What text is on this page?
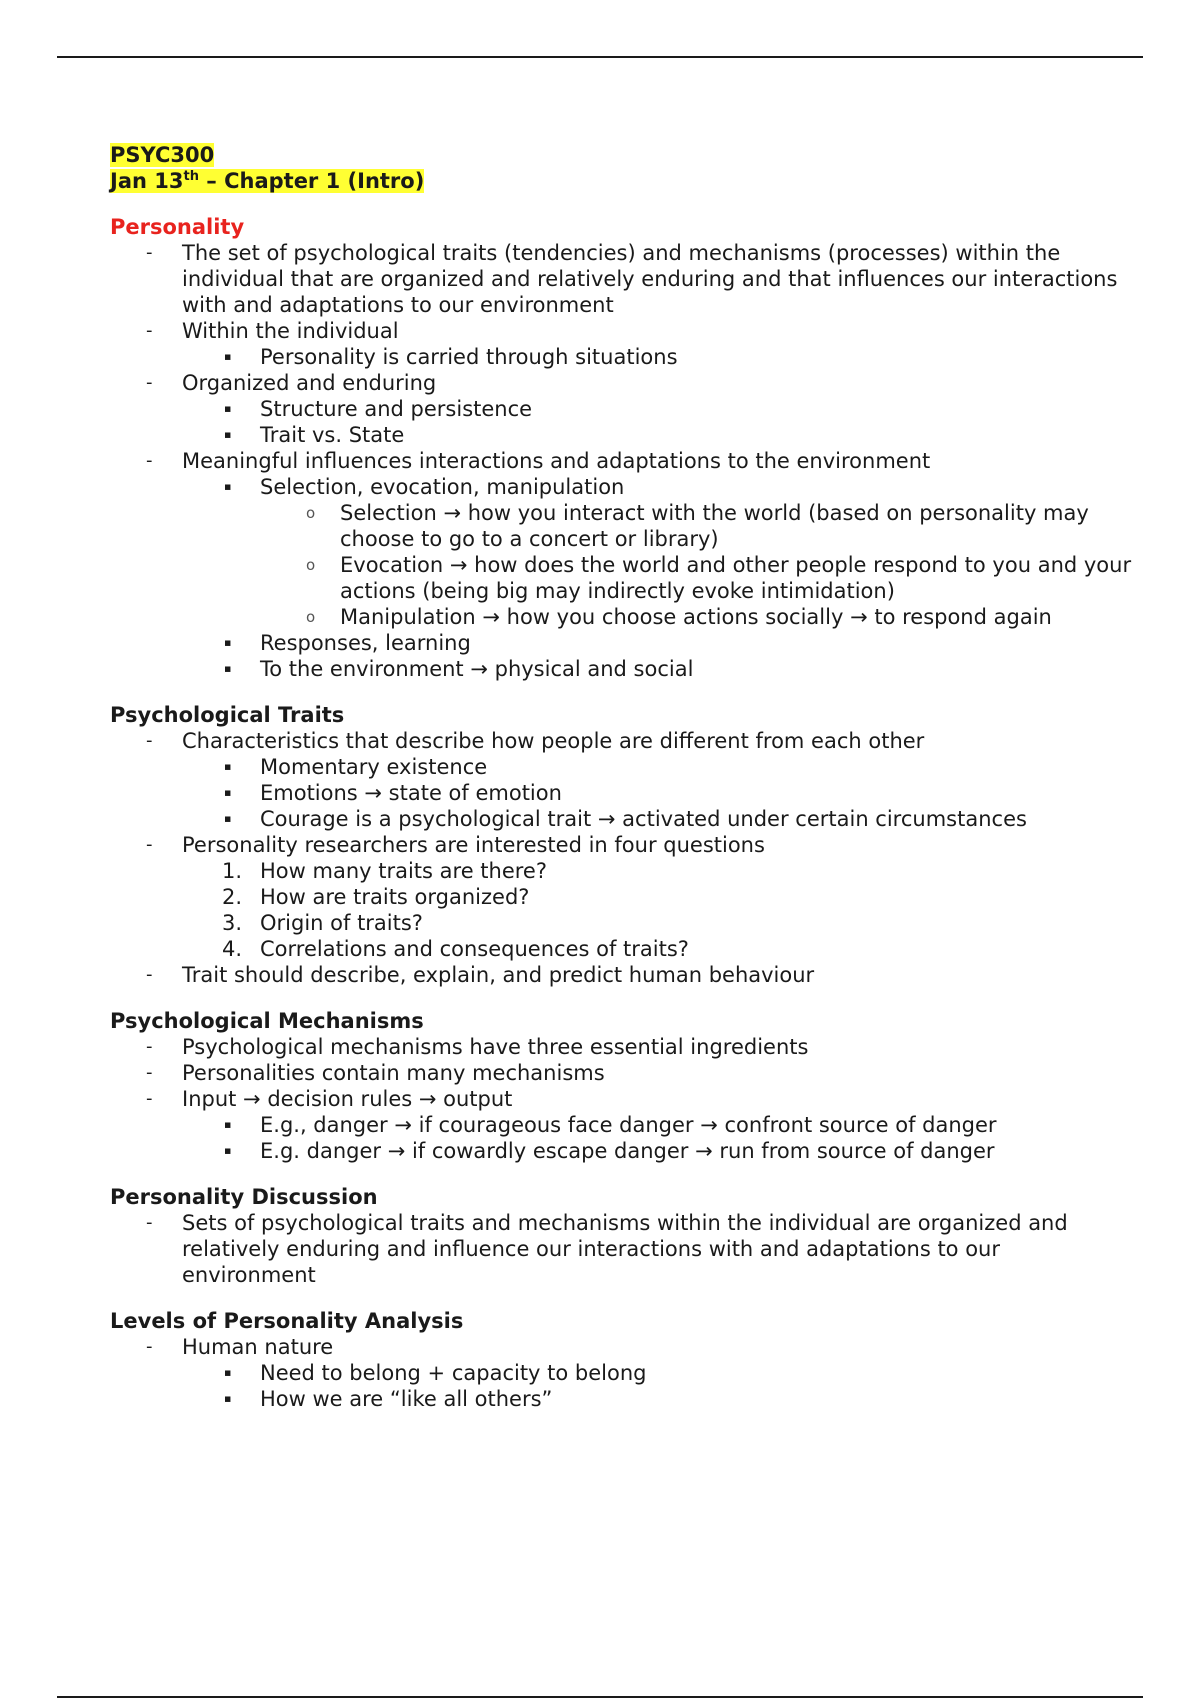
PSYC300
Jan 13th – Chapter 1 (Intro)
Personality
- The set of psychological traits (tendencies) and mechanisms (processes) within the individual that are organized and relatively enduring and that influences our interactions with and adaptations to our environment
- Within the individual
▪ Personality is carried through situations
- Organized and enduring
▪ Structure and persistence
▪ Trait vs. State
- Meaningful influences interactions and adaptations to the environment
▪ Selection, evocation, manipulation
o Selection → how you interact with the world (based on personality may choose to go to a concert or library)
o Evocation → how does the world and other people respond to you and your actions (being big may indirectly evoke intimidation)
o Manipulation → how you choose actions socially → to respond again
▪ Responses, learning
▪ To the environment → physical and social
Psychological Traits
- Characteristics that describe how people are different from each other
▪ Momentary existence
▪ Emotions → state of emotion
▪ Courage is a psychological trait → activated under certain circumstances
- Personality researchers are interested in four questions
1. How many traits are there?
2. How are traits organized?
3. Origin of traits?
4. Correlations and consequences of traits?
- Trait should describe, explain, and predict human behaviour
Psychological Mechanisms
- Psychological mechanisms have three essential ingredients
- Personalities contain many mechanisms
- Input → decision rules → output
▪ E.g., danger → if courageous face danger → confront source of danger
▪ E.g. danger → if cowardly escape danger → run from source of danger
Personality Discussion
- Sets of psychological traits and mechanisms within the individual are organized and relatively enduring and influence our interactions with and adaptations to our environment
Levels of Personality Analysis
- Human nature
▪ Need to belong + capacity to belong
▪ How we are “like all others”
